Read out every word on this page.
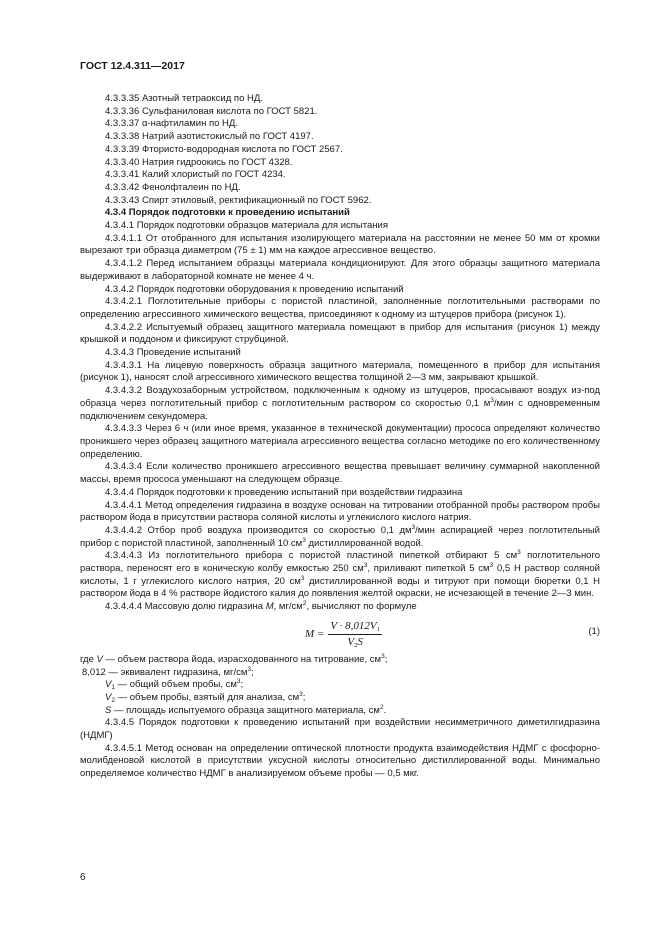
ГОСТ 12.4.311—2017

4.3.3.35 Азотный тетраоксид по НД.

4.3.3.36 Сульфаниловая кислота по ГОСТ 5821.

4.3.3.37 α-нафтиламин по НД.

4.3.3.38 Натрий азотистокислый по ГОСТ 4197.

4.3.3.39 Фтористо-водородная кислота по ГОСТ 2567.

4.3.3.40 Натрия гидроокись по ГОСТ 4328.

4.3.3.41 Калий хлористый по ГОСТ 4234.

4.3.3.42 Фенолфталеин по НД.

4.3.3.43 Спирт этиловый, ректификационный по ГОСТ 5962.

4.3.4 Порядок подготовки к проведению испытаний

4.3.4.1 Порядок подготовки образцов материала для испытания

4.3.4.1.1 От отобранного для испытания изолирующего материала на расстоянии не менее 50 мм от кромки вырезают три образца диаметром (75 ± 1) мм на каждое агрессивное вещество.

4.3.4.1.2 Перед испытанием образцы материала кондиционируют. Для этого образцы защитного материала выдерживают в лабораторной комнате не менее 4 ч.

4.3.4.2 Порядок подготовки оборудования к проведению испытаний

4.3.4.2.1 Поглотительные приборы с пористой пластиной, заполненные поглотительными растворами по определению агрессивного химического вещества, присоединяют к одному из штуцеров прибора (рисунок 1).

4.3.4.2.2 Испытуемый образец защитного материала помещают в прибор для испытания (рисунок 1) между крышкой и поддоном и фиксируют струбциной.

4.3.4.3 Проведение испытаний

4.3.4.3.1 На лицевую поверхность образца защитного материала, помещенного в прибор для испытания (рисунок 1), наносят слой агрессивного химического вещества толщиной 2—3 мм, закрывают крышкой.

4.3.4.3.2 Воздухозаборным устройством, подключенным к одному из штуцеров, просасывают воздух из-под образца через поглотительный прибор с поглотительным раствором со скоростью 0,1 $м^3$/мин с одновременным подключением секундомера.

4.3.4.3.3 Через 6 ч (или иное время, указанное в технической документации) прососа определяют количество проникшего через образец защитного материала агрессивного вещества согласно методике по его количественному определению.

4.3.4.3.4 Если количество проникшего агрессивного вещества превышает величину суммарной накопленной массы, время прососа уменьшают на следующем образце.

4.3.4.4 Порядок подготовки к проведению испытаний при воздействии гидразина

4.3.4.4.1 Метод определения гидразина в воздухе основан на титровании отобранной пробы раствором пробы раствором йода в присутствии раствора соляной кислоты и углекислого кислого натрия.

4.3.4.4.2 Отбор проб воздуха производится со скоростью 0,1 $дм^3$/мин аспирацией через поглотительный прибор с пористой пластиной, заполненный 10 $см^3$ дистиллированной водой.

4.3.4.4.3 Из поглотительного прибора с пористой пластиной пипеткой отбирают 5 $см^3$ поглотительного раствора, переносят его в коническую колбу емкостью 250 $см^3$, приливают пипеткой 5 $см^3$ 0,5 Н раствор соляной кислоты, 1 г углекислого кислого натрия, 20 $см^3$ дистиллированной воды и титруют при помощи бюретки 0,1 Н раствором йода в 4 % растворе йодистого калия до появления желтой окраски, не исчезающей в течение 2—3 мин.

4.3.4.4.4 Массовую долю гидразина M, $мг/см^2$, вычисляют по формуле

$M = \frac{V \cdot 8,012V_1}{V_2S}$	(1)

где V — объем раствора йода, израсходованного на титрование, $см^3$;

8,012 — эквивалент гидразина, $мг/см^3$;

$V_1$ — общий объем пробы, $см^3$;

$V_2$ — объем пробы, взятый для анализа, $см^3$;

S — площадь испытуемого образца защитного материала, $см^2$.

4.3.4.5 Порядок подготовки к проведению испытаний при воздействии несимметричного диметилгидразина (НДМГ)

4.3.4.5.1 Метод основан на определении оптической плотности продукта взаимодействия НДМГ с фосфорно-молибденовой кислотой в присутствии уксусной кислоты относительно дистиллированной воды. Минимально определяемое количество НДМГ в анализируемом объеме пробы — 0,5 мкг.

6
